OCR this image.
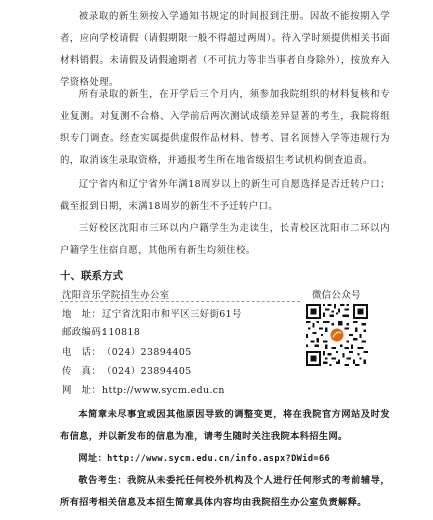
被录取的新生须按入学通知书规定的时间报到注册。因故不能按期入学者，应向学校请假（请假期限一般不得超过两周）。待入学时须提供相关书面材料销假。未请假及请假逾期者（不可抗力等非当事者自身除外），按放弃入学资格处理。

所有录取的新生，在开学后三个月内，须参加我院组织的材料复核和专业复测。对复测不合格、入学前后两次测试成绩差异显著的考生，我院将组织专门调查。经查实属提供虚假作品材料、替考、冒名顶替入学等违规行为的，取消该生录取资格，并通报考生所在地省级招生考试机构倒查追责。

辽宁省内和辽宁省外年满18周岁以上的新生可自愿选择是否迁转户口；截至报到日期，未满18周岁的新生不予迁转户口。

三好校区沈阳市三环以内户籍学生为走读生，长青校区沈阳市二环以内户籍学生住宿自愿，其他所有新生均须住校。

十、联系方式
沈阳音乐学院招生办公室	微信公众号
地　址：辽宁省沈阳市和平区三好街61号
邮政编码：110818
电　话：（024）23894405
传　真：（024）23894405
网　址：http://www.sycm.edu.cn

本简章未尽事宜或因其他原因导致的调整变更，将在我院官方网站及时发布信息，并以新发布的信息为准，请考生随时关注我院本科招生网。

网址：http://www.sycm.edu.cn/info.aspx?DWid=66

敬告考生：我院从未委托任何校外机构及个人进行任何形式的考前辅导，所有招考相关信息及本招生简章具体内容均由我院招生办公室负责解释。
